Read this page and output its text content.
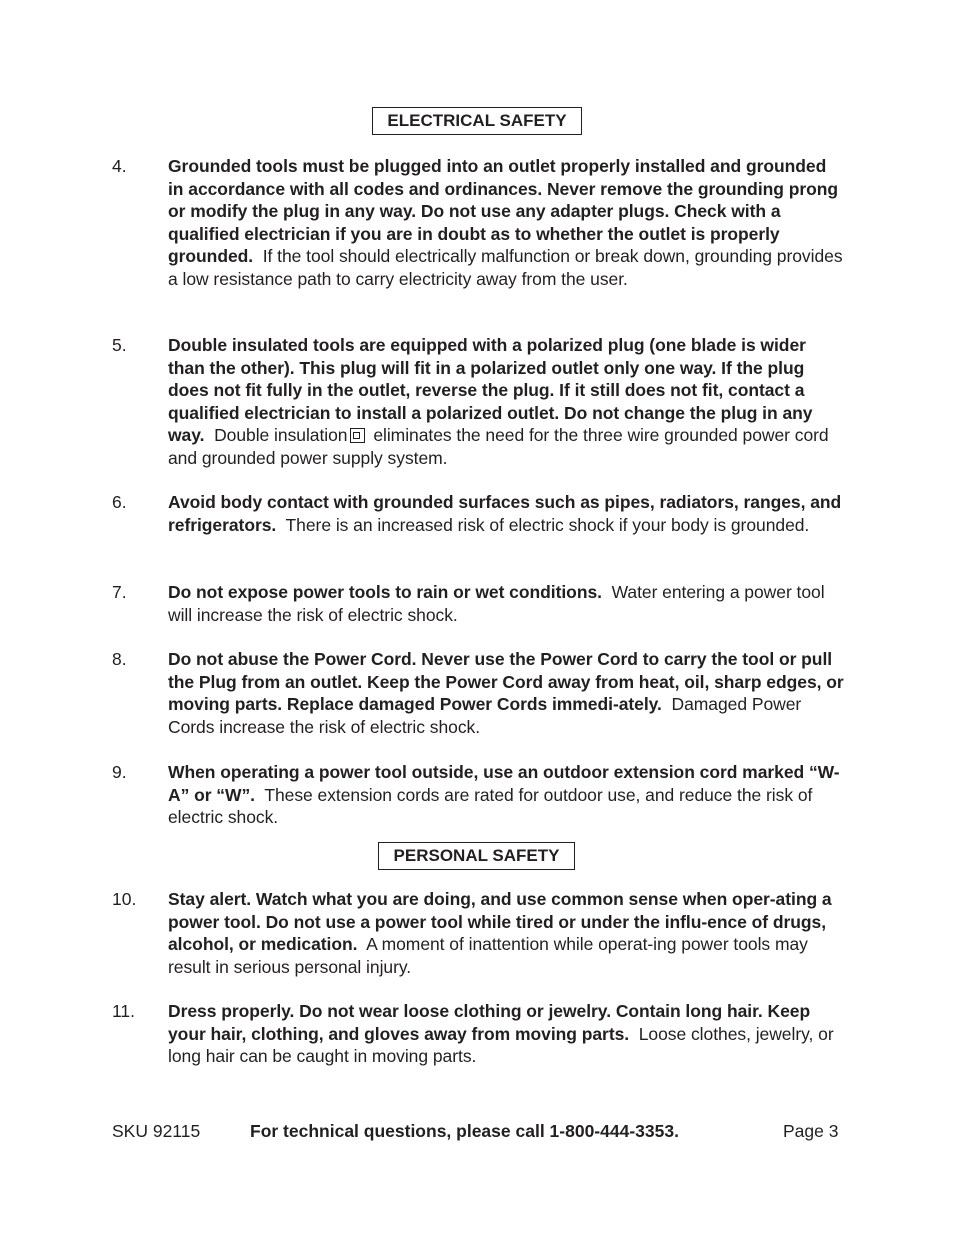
ELECTRICAL SAFETY
4. Grounded tools must be plugged into an outlet properly installed and grounded in accordance with all codes and ordinances. Never remove the grounding prong or modify the plug in any way. Do not use any adapter plugs. Check with a qualified electrician if you are in doubt as to whether the outlet is properly grounded. If the tool should electrically malfunction or break down, grounding provides a low resistance path to carry electricity away from the user.
5. Double insulated tools are equipped with a polarized plug (one blade is wider than the other). This plug will fit in a polarized outlet only one way. If the plug does not fit fully in the outlet, reverse the plug. If it still does not fit, contact a qualified electrician to install a polarized outlet. Do not change the plug in any way. Double insulation eliminates the need for the three wire grounded power cord and grounded power supply system.
6. Avoid body contact with grounded surfaces such as pipes, radiators, ranges, and refrigerators. There is an increased risk of electric shock if your body is grounded.
7. Do not expose power tools to rain or wet conditions. Water entering a power tool will increase the risk of electric shock.
8. Do not abuse the Power Cord. Never use the Power Cord to carry the tool or pull the Plug from an outlet. Keep the Power Cord away from heat, oil, sharp edges, or moving parts. Replace damaged Power Cords immedi-ately. Damaged Power Cords increase the risk of electric shock.
9. When operating a power tool outside, use an outdoor extension cord marked “W-A” or “W”. These extension cords are rated for outdoor use, and reduce the risk of electric shock.
PERSONAL SAFETY
10. Stay alert. Watch what you are doing, and use common sense when oper-ating a power tool. Do not use a power tool while tired or under the influ-ence of drugs, alcohol, or medication. A moment of inattention while operat-ing power tools may result in serious personal injury.
11. Dress properly. Do not wear loose clothing or jewelry. Contain long hair. Keep your hair, clothing, and gloves away from moving parts. Loose clothes, jewelry, or long hair can be caught in moving parts.
SKU 92115	For technical questions, please call 1-800-444-3353.	Page 3
